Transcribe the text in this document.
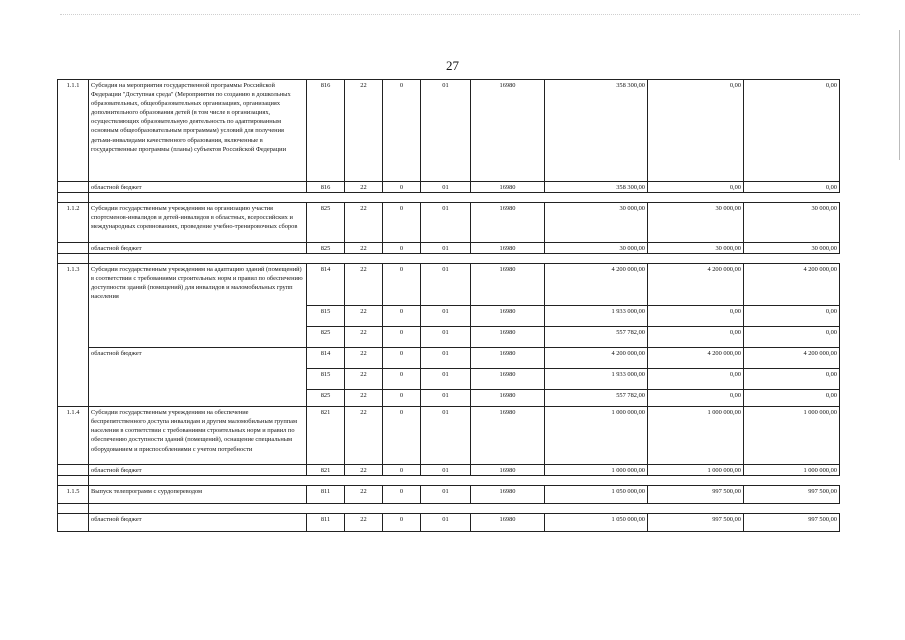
27
1.1.1	Субсидия на мероприятия государственной программы Российской Федерации "Доступная среда" (Мероприятия по созданию в дошкольных образовательных, общеобразовательных организациях, организациях дополнительного образования детей (в том числе в организациях, осуществляющих образовательную деятельность по адаптированным основным общеобразовательным программам) условий для получения детьми-инвалидами качественного образования, включенные в государственные программы (планы) субъектов Российской Федерации	816	22	0	01	16980	358 300,00	0,00	0,00
	областной бюджет	816	22	0	01	16980	358 300,00	0,00	0,00

1.1.2	Субсидии государственным учреждениям на организацию участия спортсменов-инвалидов и детей-инвалидов в областных, всероссийских и международных соревнованиях, проведение учебно-тренировочных сборов	825	22	0	01	16980	30 000,00	30 000,00	30 000,00
	областной бюджет	825	22	0	01	16980	30 000,00	30 000,00	30 000,00

1.1.3	Субсидии государственным учреждениям на адаптацию зданий (помещений) в соответствии с требованиями строительных норм и правил по обеспечению доступности зданий (помещений) для инвалидов и маломобильных групп населения	814	22	0	01	16980	4 200 000,00	4 200 000,00	4 200 000,00
		815	22	0	01	16980	1 933 000,00	0,00	0,00
		825	22	0	01	16980	557 782,00	0,00	0,00
	областной бюджет	814	22	0	01	16980	4 200 000,00	4 200 000,00	4 200 000,00
		815	22	0	01	16980	1 933 000,00	0,00	0,00
		825	22	0	01	16980	557 782,00	0,00	0,00
1.1.4	Субсидии государственным учреждениям на обеспечение беспрепятственного доступа инвалидам и другим маломобильным группам населения в соответствии с требованиями строительных норм и правил по обеспечению доступности зданий (помещений), оснащение специальным оборудованием и приспособлениями с учетом потребности	821	22	0	01	16980	1 000 000,00	1 000 000,00	1 000 000,00
	областной бюджет	821	22	0	01	16980	1 000 000,00	1 000 000,00	1 000 000,00

1.1.5	Выпуск телепрограмм с сурдопереводом	811	22	0	01	16980	1 050 000,00	997 500,00	997 500,00

	областной бюджет	811	22	0	01	16980	1 050 000,00	997 500,00	997 500,00
